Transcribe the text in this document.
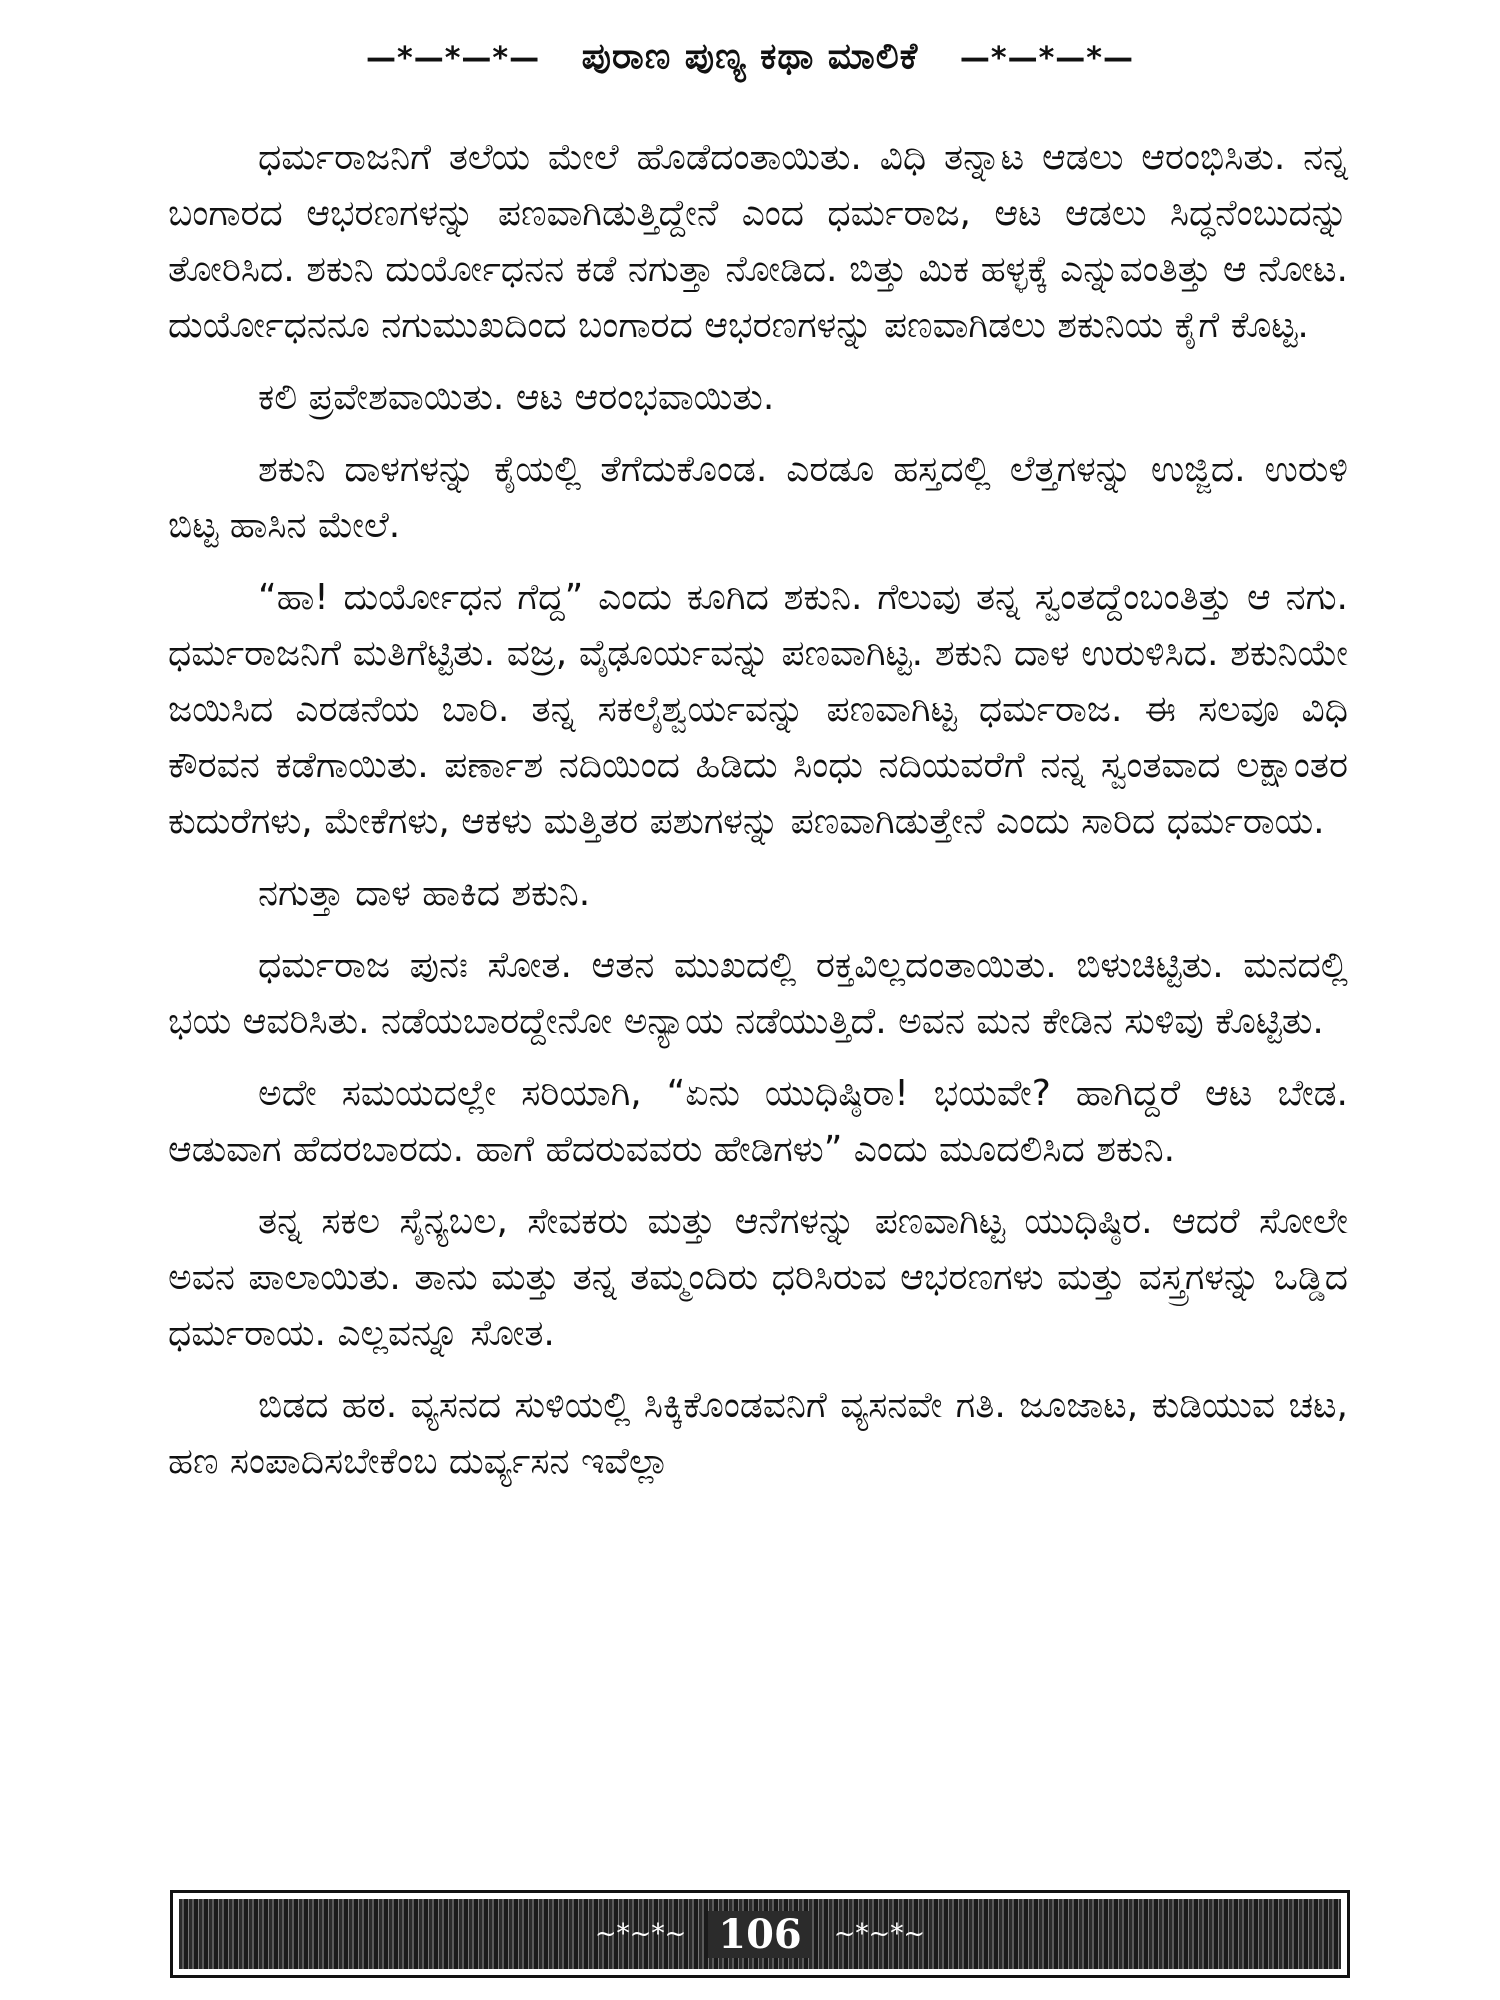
—*—*—*— ಪುರಾಣ ಪುಣ್ಯ ಕಥಾ ಮಾಲಿಕೆ —*—*—*—

ಧರ್ಮರಾಜನಿಗೆ ತಲೆಯ ಮೇಲೆ ಹೊಡೆದಂತಾಯಿತು. ವಿಧಿ ತನ್ನಾಟ ಆಡಲು ಆರಂಭಿಸಿತು. ನನ್ನ ಬಂಗಾರದ ಆಭರಣಗಳನ್ನು ಪಣವಾಗಿಡುತ್ತಿದ್ದೇನೆ ಎಂದ ಧರ್ಮರಾಜ, ಆಟ ಆಡಲು ಸಿದ್ಧನೆಂಬುದನ್ನು ತೋರಿಸಿದ. ಶಕುನಿ ದುರ್ಯೋಧನನ ಕಡೆ ನಗುತ್ತಾ ನೋಡಿದ. ಬಿತ್ತು ಮಿಕ ಹಳ್ಳಕ್ಕೆ ಎನ್ನುವಂತಿತ್ತು ಆ ನೋಟ. ದುರ್ಯೋಧನನೂ ನಗುಮುಖದಿಂದ ಬಂಗಾರದ ಆಭರಣಗಳನ್ನು ಪಣವಾಗಿಡಲು ಶಕುನಿಯ ಕೈಗೆ ಕೊಟ್ಟ.

ಕಲಿ ಪ್ರವೇಶವಾಯಿತು. ಆಟ ಆರಂಭವಾಯಿತು.

ಶಕುನಿ ದಾಳಗಳನ್ನು ಕೈಯಲ್ಲಿ ತೆಗೆದುಕೊಂಡ. ಎರಡೂ ಹಸ್ತದಲ್ಲಿ ಲೆತ್ತಗಳನ್ನು ಉಜ್ಜಿದ. ಉರುಳಿ ಬಿಟ್ಟ ಹಾಸಿನ ಮೇಲೆ.

“ಹಾ! ದುರ್ಯೋಧನ ಗೆದ್ದ” ಎಂದು ಕೂಗಿದ ಶಕುನಿ. ಗೆಲುವು ತನ್ನ ಸ್ವಂತದ್ದೆಂಬಂತಿತ್ತು ಆ ನಗು. ಧರ್ಮರಾಜನಿಗೆ ಮತಿಗೆಟ್ಟಿತು. ವಜ್ರ, ವೈಢೂರ್ಯವನ್ನು ಪಣವಾಗಿಟ್ಟ. ಶಕುನಿ ದಾಳ ಉರುಳಿಸಿದ. ಶಕುನಿಯೇ ಜಯಿಸಿದ ಎರಡನೆಯ ಬಾರಿ. ತನ್ನ ಸಕಲೈಶ್ವರ್ಯವನ್ನು ಪಣವಾಗಿಟ್ಟ ಧರ್ಮರಾಜ. ಈ ಸಲವೂ ವಿಧಿ ಕೌರವನ ಕಡೆಗಾಯಿತು. ಪರ್ಣಾಶ ನದಿಯಿಂದ ಹಿಡಿದು ಸಿಂಧು ನದಿಯವರೆಗೆ ನನ್ನ ಸ್ವಂತವಾದ ಲಕ್ಷಾಂತರ ಕುದುರೆಗಳು, ಮೇಕೆಗಳು, ಆಕಳು ಮತ್ತಿತರ ಪಶುಗಳನ್ನು ಪಣವಾಗಿಡುತ್ತೇನೆ ಎಂದು ಸಾರಿದ ಧರ್ಮರಾಯ.

ನಗುತ್ತಾ ದಾಳ ಹಾಕಿದ ಶಕುನಿ.

ಧರ್ಮರಾಜ ಪುನಃ ಸೋತ. ಆತನ ಮುಖದಲ್ಲಿ ರಕ್ತವಿಲ್ಲದಂತಾಯಿತು. ಬಿಳುಚಿಟ್ಟಿತು. ಮನದಲ್ಲಿ ಭಯ ಆವರಿಸಿತು. ನಡೆಯಬಾರದ್ದೇನೋ ಅನ್ಯಾಯ ನಡೆಯುತ್ತಿದೆ. ಅವನ ಮನ ಕೇಡಿನ ಸುಳಿವು ಕೊಟ್ಟಿತು.

ಅದೇ ಸಮಯದಲ್ಲೇ ಸರಿಯಾಗಿ, “ಏನು ಯುಧಿಷ್ಠಿರಾ! ಭಯವೇ? ಹಾಗಿದ್ದರೆ ಆಟ ಬೇಡ. ಆಡುವಾಗ ಹೆದರಬಾರದು. ಹಾಗೆ ಹೆದರುವವರು ಹೇಡಿಗಳು” ಎಂದು ಮೂದಲಿಸಿದ ಶಕುನಿ.

ತನ್ನ ಸಕಲ ಸೈನ್ಯಬಲ, ಸೇವಕರು ಮತ್ತು ಆನೆಗಳನ್ನು ಪಣವಾಗಿಟ್ಟ ಯುಧಿಷ್ಠಿರ. ಆದರೆ ಸೋಲೇ ಅವನ ಪಾಲಾಯಿತು. ತಾನು ಮತ್ತು ತನ್ನ ತಮ್ಮಂದಿರು ಧರಿಸಿರುವ ಆಭರಣಗಳು ಮತ್ತು ವಸ್ತ್ರಗಳನ್ನು ಒಡ್ಡಿದ ಧರ್ಮರಾಯ. ಎಲ್ಲವನ್ನೂ ಸೋತ.

ಬಿಡದ ಹಠ. ವ್ಯಸನದ ಸುಳಿಯಲ್ಲಿ ಸಿಕ್ಕಿಕೊಂಡವನಿಗೆ ವ್ಯಸನವೇ ಗತಿ. ಜೂಜಾಟ, ಕುಡಿಯುವ ಚಟ, ಹಣ ಸಂಪಾದಿಸಬೇಕೆಂಬ ದುರ್ವ್ಯಸನ ಇವೆಲ್ಲಾ

~*~*~ 106	~*~*~
